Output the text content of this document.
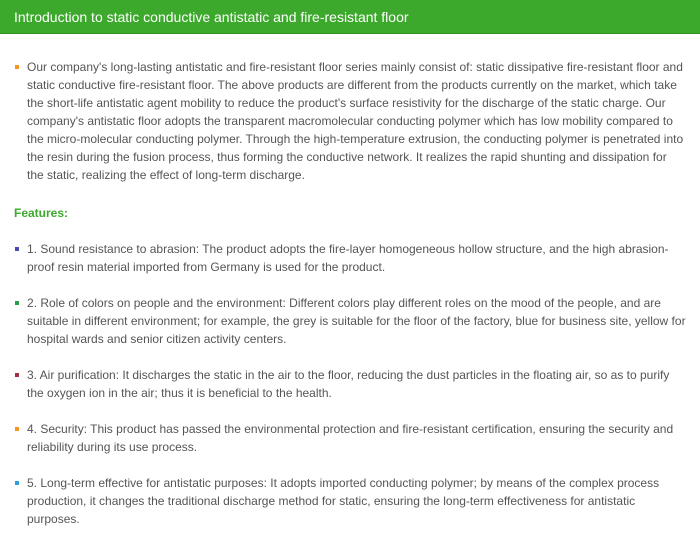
Introduction to static conductive antistatic and fire-resistant floor
Our company's long-lasting antistatic and fire-resistant floor series mainly consist of: static dissipative fire-resistant floor and static conductive fire-resistant floor. The above products are different from the products currently on the market, which take the short-life antistatic agent mobility to reduce the product's surface resistivity for the discharge of the static charge. Our company's antistatic floor adopts the transparent macromolecular conducting polymer which has low mobility compared to the micro-molecular conducting polymer. Through the high-temperature extrusion, the conducting polymer is penetrated into the resin during the fusion process, thus forming the conductive network. It realizes the rapid shunting and dissipation for the static, realizing the effect of long-term discharge.
Features:
1. Sound resistance to abrasion: The product adopts the fire-layer homogeneous hollow structure, and the high abrasion-proof resin material imported from Germany is used for the product.
2. Role of colors on people and the environment: Different colors play different roles on the mood of the people, and are suitable in different environment; for example, the grey is suitable for the floor of the factory, blue for business site, yellow for hospital wards and senior citizen activity centers.
3. Air purification: It discharges the static in the air to the floor, reducing the dust particles in the floating air, so as to purify the oxygen ion in the air; thus it is beneficial to the health.
4. Security: This product has passed the environmental protection and fire-resistant certification, ensuring the security and reliability during its use process.
5. Long-term effective for antistatic purposes: It adopts imported conducting polymer; by means of the complex process production, it changes the traditional discharge method for static, ensuring the long-term effectiveness for antistatic purposes.
